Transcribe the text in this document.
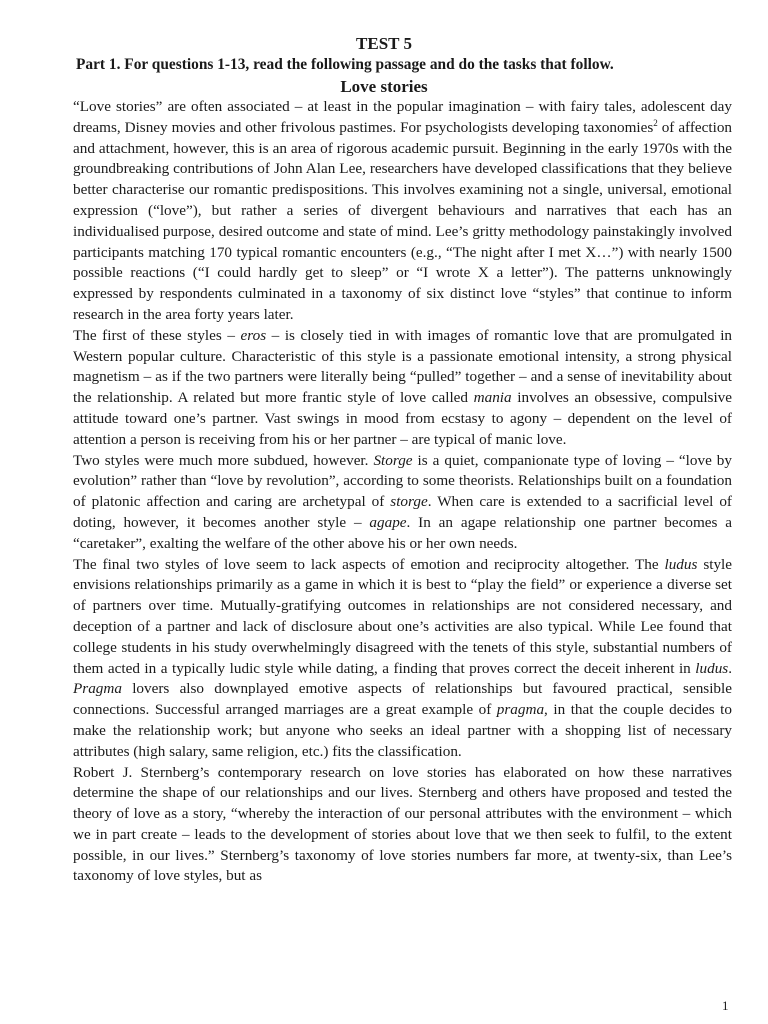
TEST 5

Part 1. For questions 1-13, read the following passage and do the tasks that follow.

Love stories

“Love stories” are often associated – at least in the popular imagination – with fairy tales, adolescent day dreams, Disney movies and other frivolous pastimes. For psychologists developing taxonomies$^2$ of affection and attachment, however, this is an area of rigorous academic pursuit. Beginning in the early 1970s with the groundbreaking contributions of John Alan Lee, researchers have developed classifications that they believe better characterise our romantic predispositions. This involves examining not a single, universal, emotional expression (“love”), but rather a series of divergent behaviours and narratives that each has an individualised purpose, desired outcome and state of mind. Lee’s gritty methodology painstakingly involved participants matching 170 typical romantic encounters (e.g., “The night after I met X…”) with nearly 1500 possible reactions (“I could hardly get to sleep” or “I wrote X a letter”). The patterns unknowingly expressed by respondents culminated in a taxonomy of six distinct love “styles” that continue to inform research in the area forty years later.

The first of these styles – eros – is closely tied in with images of romantic love that are promulgated in Western popular culture. Characteristic of this style is a passionate emotional intensity, a strong physical magnetism – as if the two partners were literally being “pulled” together – and a sense of inevitability about the relationship. A related but more frantic style of love called mania involves an obsessive, compulsive attitude toward one’s partner. Vast swings in mood from ecstasy to agony – dependent on the level of attention a person is receiving from his or her partner – are typical of manic love.

Two styles were much more subdued, however. Storge is a quiet, companionate type of loving – “love by evolution” rather than “love by revolution”, according to some theorists. Relationships built on a foundation of platonic affection and caring are archetypal of storge. When care is extended to a sacrificial level of doting, however, it becomes another style – agape. In an agape relationship one partner becomes a “caretaker”, exalting the welfare of the other above his or her own needs.

The final two styles of love seem to lack aspects of emotion and reciprocity altogether. The ludus style envisions relationships primarily as a game in which it is best to “play the field” or experience a diverse set of partners over time. Mutually-gratifying outcomes in relationships are not considered necessary, and deception of a partner and lack of disclosure about one’s activities are also typical. While Lee found that college students in his study overwhelmingly disagreed with the tenets of this style, substantial numbers of them acted in a typically ludic style while dating, a finding that proves correct the deceit inherent in ludus. Pragma lovers also downplayed emotive aspects of relationships but favoured practical, sensible connections. Successful arranged marriages are a great example of pragma, in that the couple decides to make the relationship work; but anyone who seeks an ideal partner with a shopping list of necessary attributes (high salary, same religion, etc.) fits the classification.

Robert J. Sternberg’s contemporary research on love stories has elaborated on how these narratives determine the shape of our relationships and our lives. Sternberg and others have proposed and tested the theory of love as a story, “whereby the interaction of our personal attributes with the environment – which we in part create – leads to the development of stories about love that we then seek to fulfil, to the extent possible, in our lives.” Sternberg’s taxonomy of love stories numbers far more, at twenty-six, than Lee’s taxonomy of love styles, but as

1
